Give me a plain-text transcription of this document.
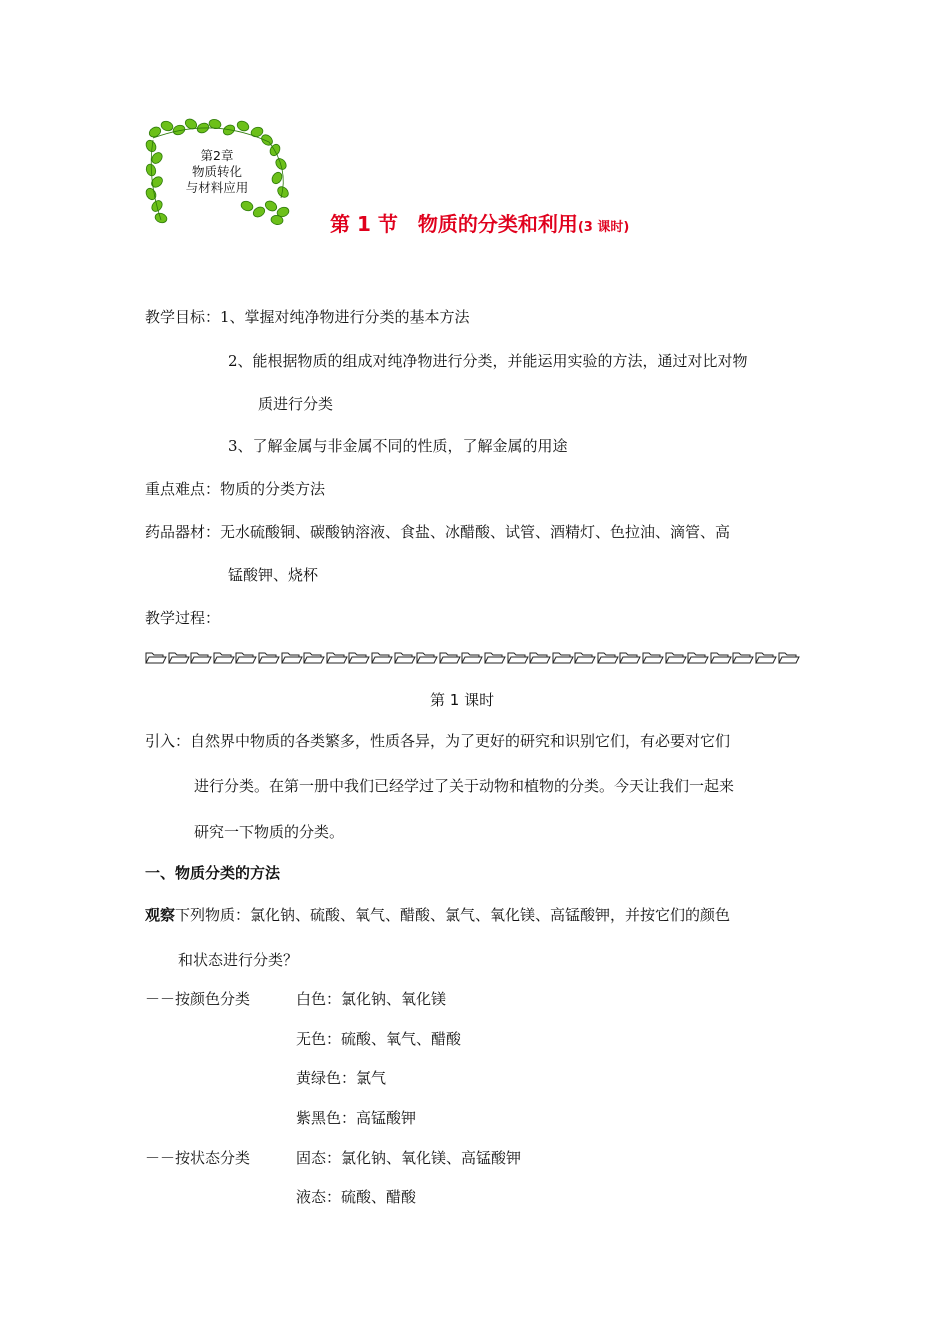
第2章
物质转化
与材料应用
第 1 节　物质的分类和利用(3 课时)
教学目标：1、掌握对纯净物进行分类的基本方法
2、能根据物质的组成对纯净物进行分类，并能运用实验的方法，通过对比对物
质进行分类
3、了解金属与非金属不同的性质，了解金属的用途
重点难点：物质的分类方法
药品器材：无水硫酸铜、碳酸钠溶液、食盐、冰醋酸、试管、酒精灯、色拉油、滴管、高
锰酸钾、烧杯
教学过程：
第 1 课时
引入：自然界中物质的各类繁多，性质各异，为了更好的研究和识别它们，有必要对它们
进行分类。在第一册中我们已经学过了关于动物和植物的分类。今天让我们一起来
研究一下物质的分类。
一、物质分类的方法
观察下列物质：氯化钠、硫酸、氧气、醋酸、氯气、氧化镁、高锰酸钾，并按它们的颜色
和状态进行分类？
－－按颜色分类	白色：氯化钠、氧化镁
无色：硫酸、氧气、醋酸
黄绿色：氯气
紫黑色：高锰酸钾
－－按状态分类	固态：氯化钠、氧化镁、高锰酸钾
液态：硫酸、醋酸
